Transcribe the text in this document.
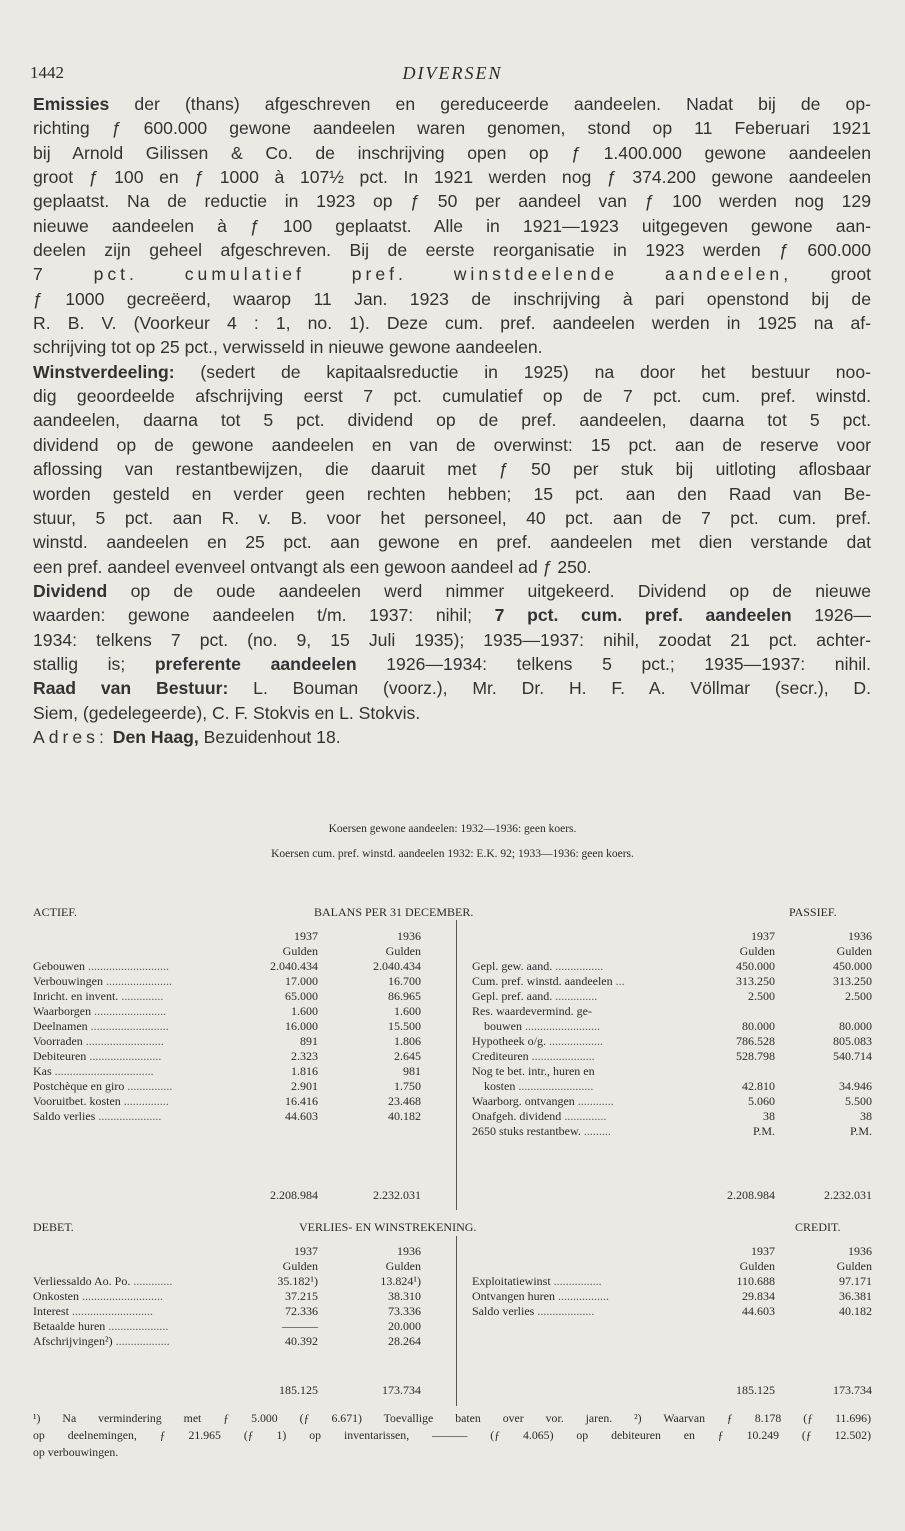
1442	DIVERSEN
Emissies der (thans) afgeschreven en gereduceerde aandeelen. Nadat bij de op-
richting ƒ 600.000 gewone aandeelen waren genomen, stond op 11 Feberuari 1921
bij Arnold Gilissen & Co. de inschrijving open op ƒ 1.400.000 gewone aandeelen
groot ƒ 100 en ƒ 1000 à 107½ pct. In 1921 werden nog ƒ 374.200 gewone aandeelen
geplaatst. Na de reductie in 1923 op ƒ 50 per aandeel van ƒ 100 werden nog 129
nieuwe aandeelen à ƒ 100 geplaatst. Alle in 1921—1923 uitgegeven gewone aan-
deelen zijn geheel afgeschreven. Bij de eerste reorganisatie in 1923 werden ƒ 600.000
7 pct. cumulatief pref. winstdeelende aandeelen, groot
ƒ 1000 gecreëerd, waarop 11 Jan. 1923 de inschrijving à pari openstond bij de
R. B. V. (Voorkeur 4 : 1, no. 1). Deze cum. pref. aandeelen werden in 1925 na af-
schrijving tot op 25 pct., verwisseld in nieuwe gewone aandeelen.
Winstverdeeling: (sedert de kapitaalsreductie in 1925) na door het bestuur noo-
dig geoordeelde afschrijving eerst 7 pct. cumulatief op de 7 pct. cum. pref. winstd.
aandeelen, daarna tot 5 pct. dividend op de pref. aandeelen, daarna tot 5 pct.
dividend op de gewone aandeelen en van de overwinst: 15 pct. aan de reserve voor
aflossing van restantbewijzen, die daaruit met ƒ 50 per stuk bij uitloting aflosbaar
worden gesteld en verder geen rechten hebben; 15 pct. aan den Raad van Be-
stuur, 5 pct. aan R. v. B. voor het personeel, 40 pct. aan de 7 pct. cum. pref.
winstd. aandeelen en 25 pct. aan gewone en pref. aandeelen met dien verstande dat
een pref. aandeel evenveel ontvangt als een gewoon aandeel ad ƒ 250.
Dividend op de oude aandeelen werd nimmer uitgekeerd. Dividend op de nieuwe
waarden: gewone aandeelen t/m. 1937: nihil; 7 pct. cum. pref. aandeelen 1926—
1934: telkens 7 pct. (no. 9, 15 Juli 1935); 1935—1937: nihil, zoodat 21 pct. achter-
stallig is; preferente aandeelen 1926—1934: telkens 5 pct.; 1935—1937: nihil.
Raad van Bestuur: L. Bouman (voorz.), Mr. Dr. H. F. A. Völlmar (secr.), D.
Siem, (gedelegeerde), C. F. Stokvis en L. Stokvis.
Adres: Den Haag, Bezuidenhout 18.
Koersen gewone aandeelen: 1932—1936: geen koers.
Koersen cum. pref. winstd. aandeelen 1932: E.K. 92; 1933—1936: geen koers.
ACTIEF.	BALANS PER 31 DECEMBER.	PASSIEF.
1937	1936
Gulden	Gulden
Gebouwen ...........................	2.040.434	2.040.434
Verbouwingen ......................	17.000	16.700
Inricht. en invent. ..............	65.000	86.965
Waarborgen ........................	1.600	1.600
Deelnamen ..........................	16.000	15.500
Voorraden ..........................	891	1.806
Debiteuren ........................	2.323	2.645
Kas .................................	1.816	981
Postchèque en giro ...............	2.901	1.750
Vooruitbet. kosten ...............	16.416	23.468
Saldo verlies .....................	44.603	40.182
2.208.984	2.232.031
1937	1936
Gulden	Gulden
Gepl. gew. aand. ................	450.000	450.000
Cum. pref. winstd. aandeelen ...	313.250	313.250
Gepl. pref. aand. ..............	2.500	2.500
Res. waardevermind. ge-
bouwen .........................	80.000	80.000
Hypotheek o/g. ..................	786.528	805.083
Crediteuren .....................	528.798	540.714
Nog te bet. intr., huren en
kosten .........................	42.810	34.946
Waarborg. ontvangen ............	5.060	5.500
Onafgeh. dividend ..............	38	38
2650 stuks restantbew. .........	P.M.	P.M.
2.208.984	2.232.031
DEBET.	VERLIES- EN WINSTREKENING.	CREDIT.
1937	1936
Gulden	Gulden
Verliessaldo Ao. Po. .............	35.182¹)	13.824¹)
Onkosten ...........................	37.215	38.310
Interest ...........................	72.336	73.336
Betaalde huren ....................	———	20.000
Afschrijvingen²) ..................	40.392	28.264
185.125	173.734
1937	1936
Gulden	Gulden
Exploitatiewinst ................	110.688	97.171
Ontvangen huren .................	29.834	36.381
Saldo verlies ...................	44.603	40.182
185.125	173.734
¹) Na vermindering met ƒ 5.000 (ƒ 6.671) Toevallige baten over vor. jaren. ²) Waarvan ƒ 8.178 (ƒ 11.696)
op deelnemingen, ƒ 21.965 (ƒ 1) op inventarissen, ——— (ƒ 4.065) op debiteuren en ƒ 10.249 (ƒ 12.502)
op verbouwingen.
